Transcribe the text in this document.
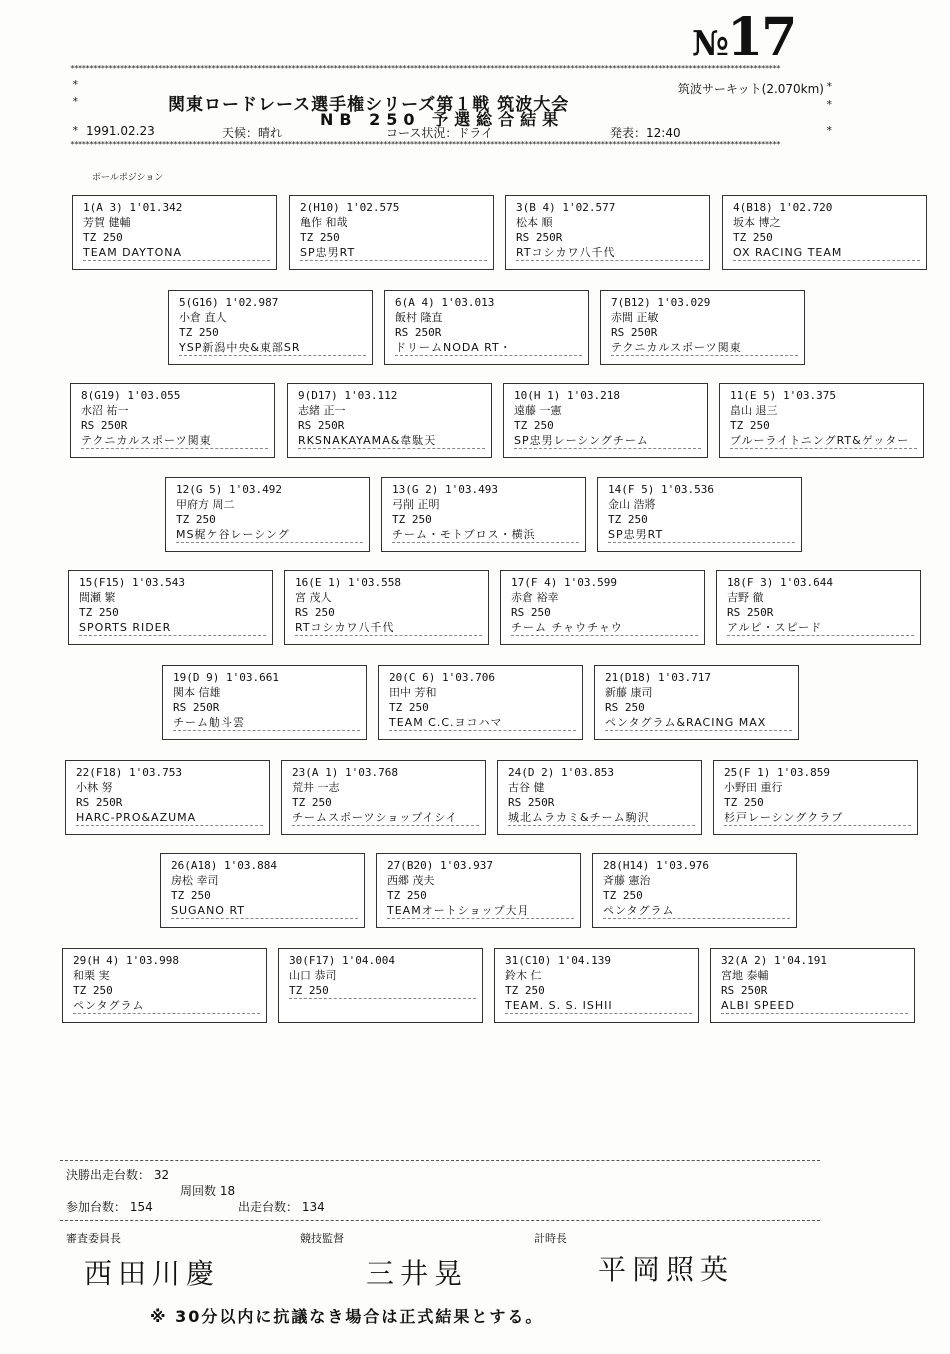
№17
******************************************************************************************************************************************************************************************
******************************************************************************************************************************************************************************************
*
*
*
*
*
*
筑波サーキット(2.070km)
関東ロードレース選手権シリーズ第１戦 筑波大会
NB 250 予選総合結果
1991.02.23	天候：晴れ	コース状況：ドライ	発表：12:40
ポールポジション
1(A 3) 1'01.342
芳賀 健輔
TZ 250
TEAM DAYTONA
2(H10) 1'02.575
亀作 和哉
TZ 250
SP忠男RT
3(B 4) 1'02.577
松本 順
RS 250R
RTコシカワ八千代
4(B18) 1'02.720
坂本 博之
TZ 250
OX RACING TEAM
5(G16) 1'02.987
小倉 直人
TZ 250
YSP新潟中央&東部SR
6(A 4) 1'03.013
飯村 隆直
RS 250R
ドリームNODA RT・
7(B12) 1'03.029
赤間 正敏
RS 250R
テクニカルスポーツ関東
8(G19) 1'03.055
水沼 祐一
RS 250R
テクニカルスポーツ関東
9(D17) 1'03.112
志緒 正一
RS 250R
RKSNAKAYAMA&韋駄天
10(H 1) 1'03.218
遠藤 一憲
TZ 250
SP忠男レーシングチーム
11(E 5) 1'03.375
畠山 退三
TZ 250
ブルーライトニングRT&ゲッター
12(G 5) 1'03.492
甲府方 周二
TZ 250
MS梶ケ谷レーシング
13(G 2) 1'03.493
弓削 正明
TZ 250
チーム・モトブロス・横浜
14(F 5) 1'03.536
金山 浩將
TZ 250
SP忠男RT
15(F15) 1'03.543
間瀬 繁
TZ 250
SPORTS RIDER
16(E 1) 1'03.558
宮 茂人
RS 250
RTコシカワ八千代
17(F 4) 1'03.599
赤倉 裕幸
RS 250
チーム チャウチャウ
18(F 3) 1'03.644
吉野 徹
RS 250R
アルピ・スピード
19(D 9) 1'03.661
関本 信雄
RS 250R
チーム觔斗雲
20(C 6) 1'03.706
田中 芳和
TZ 250
TEAM C.C.ヨコハマ
21(D18) 1'03.717
新藤 康司
RS 250
ペンタグラム&RACING MAX
22(F18) 1'03.753
小林 努
RS 250R
HARC-PRO&AZUMA
23(A 1) 1'03.768
荒井 一志
TZ 250
チームスポーツショップイシイ
24(D 2) 1'03.853
古谷 健
RS 250R
城北ムラカミ&チーム駒沢
25(F 1) 1'03.859
小野田 重行
TZ 250
杉戸レーシングクラブ
26(A18) 1'03.884
房松 幸司
TZ 250
SUGANO RT
27(B20) 1'03.937
西郷 茂夫
TZ 250
TEAMオートショップ大月
28(H14) 1'03.976
斉藤 憲治
TZ 250
ペンタグラム
29(H 4) 1'03.998
和栗 実
TZ 250
ペンタグラム
30(F17) 1'04.004
山口 恭司
TZ 250
31(C10) 1'04.139
鈴木 仁
TZ 250
TEAM. S. S. ISHII
32(A 2) 1'04.191
宮地 泰輔
RS 250R
ALBI SPEED
決勝出走台数： 32
周回数 18
参加台数： 154	出走台数： 134
審査委員長	競技監督	計時長
西田川慶	三井晃	平岡照英
※ 30分以内に抗議なき場合は正式結果とする。
